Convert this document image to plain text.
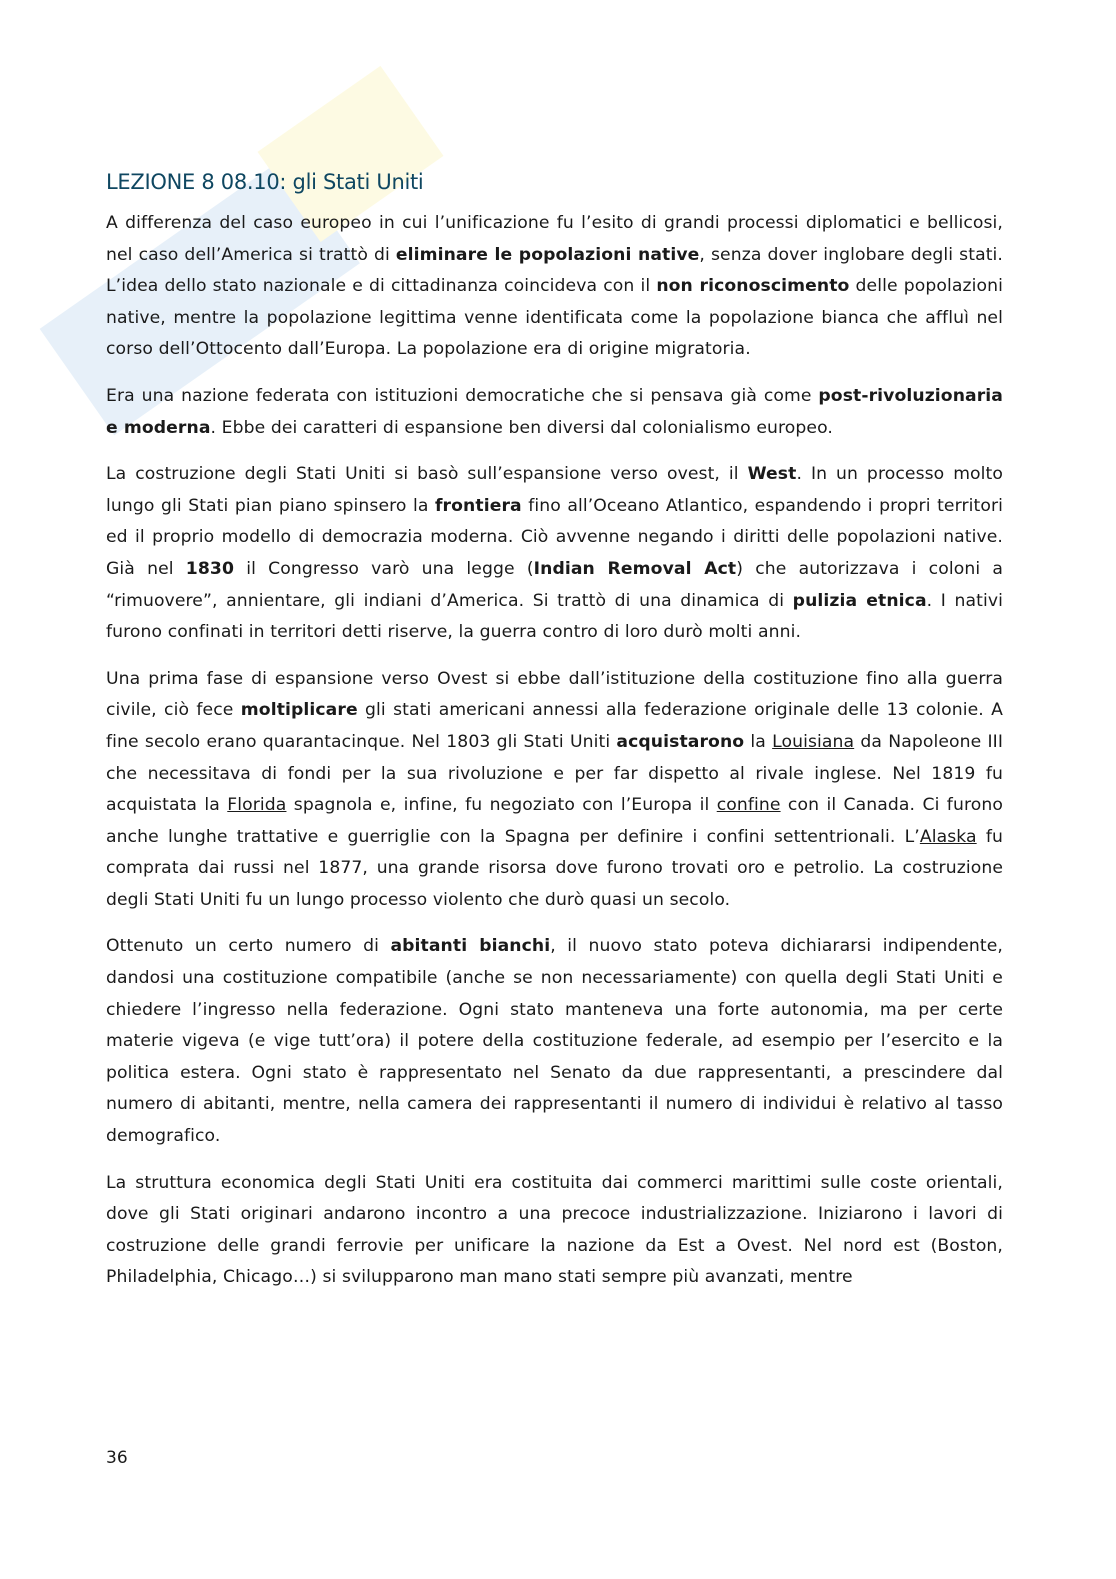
LEZIONE 8 08.10: gli Stati Uniti

A differenza del caso europeo in cui l’unificazione fu l’esito di grandi processi diplomatici e bellicosi, nel caso dell’America si trattò di eliminare le popolazioni native, senza dover inglobare degli stati. L’idea dello stato nazionale e di cittadinanza coincideva con il non riconoscimento delle popolazioni native, mentre la popolazione legittima venne identificata come la popolazione bianca che affluì nel corso dell’Ottocento dall’Europa. La popolazione era di origine migratoria.

Era una nazione federata con istituzioni democratiche che si pensava già come post-rivoluzionaria e moderna. Ebbe dei caratteri di espansione ben diversi dal colonialismo europeo.

La costruzione degli Stati Uniti si basò sull’espansione verso ovest, il West. In un processo molto lungo gli Stati pian piano spinsero la frontiera fino all’Oceano Atlantico, espandendo i propri territori ed il proprio modello di democrazia moderna. Ciò avvenne negando i diritti delle popolazioni native. Già nel 1830 il Congresso varò una legge (Indian Removal Act) che autorizzava i coloni a “rimuovere”, annientare, gli indiani d’America. Si trattò di una dinamica di pulizia etnica. I nativi furono confinati in territori detti riserve, la guerra contro di loro durò molti anni.

Una prima fase di espansione verso Ovest si ebbe dall’istituzione della costituzione fino alla guerra civile, ciò fece moltiplicare gli stati americani annessi alla federazione originale delle 13 colonie. A fine secolo erano quarantacinque. Nel 1803 gli Stati Uniti acquistarono la Louisiana da Napoleone III che necessitava di fondi per la sua rivoluzione e per far dispetto al rivale inglese. Nel 1819 fu acquistata la Florida spagnola e, infine, fu negoziato con l’Europa il confine con il Canada. Ci furono anche lunghe trattative e guerriglie con la Spagna per definire i confini settentrionali. L’Alaska fu comprata dai russi nel 1877, una grande risorsa dove furono trovati oro e petrolio. La costruzione degli Stati Uniti fu un lungo processo violento che durò quasi un secolo.

Ottenuto un certo numero di abitanti bianchi, il nuovo stato poteva dichiararsi indipendente, dandosi una costituzione compatibile (anche se non necessariamente) con quella degli Stati Uniti e chiedere l’ingresso nella federazione. Ogni stato manteneva una forte autonomia, ma per certe materie vigeva (e vige tutt’ora) il potere della costituzione federale, ad esempio per l’esercito e la politica estera. Ogni stato è rappresentato nel Senato da due rappresentanti, a prescindere dal numero di abitanti, mentre, nella camera dei rappresentanti il numero di individui è relativo al tasso demografico.

La struttura economica degli Stati Uniti era costituita dai commerci marittimi sulle coste orientali, dove gli Stati originari andarono incontro a una precoce industrializzazione. Iniziarono i lavori di costruzione delle grandi ferrovie per unificare la nazione da Est a Ovest. Nel nord est (Boston, Philadelphia, Chicago…) si svilupparono man mano stati sempre più avanzati, mentre

36
